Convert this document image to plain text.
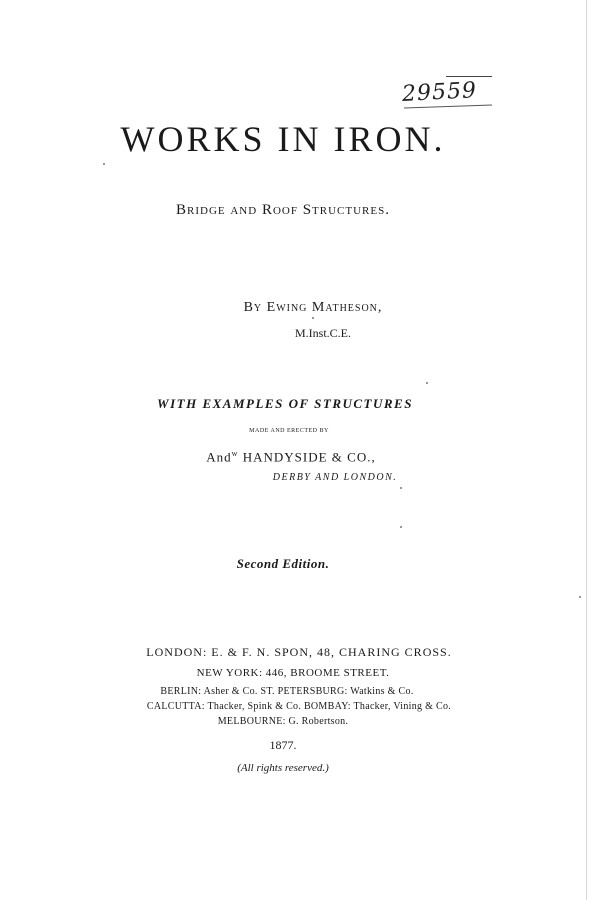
29559
WORKS IN IRON.
Bridge and Roof Structures.
By Ewing Matheson,
M.Inst.C.E.
WITH EXAMPLES OF STRUCTURES
MADE AND ERECTED BY
And$^w$ HANDYSIDE & CO.,
DERBY AND LONDON.
Second Edition.
LONDON: E. & F. N. SPON, 48, CHARING CROSS.
NEW YORK: 446, BROOME STREET.
BERLIN: Asher & Co. ST. PETERSBURG: Watkins & Co.
CALCUTTA: Thacker, Spink & Co. BOMBAY: Thacker, Vining & Co.
MELBOURNE: G. Robertson.
1877.
(All rights reserved.)
